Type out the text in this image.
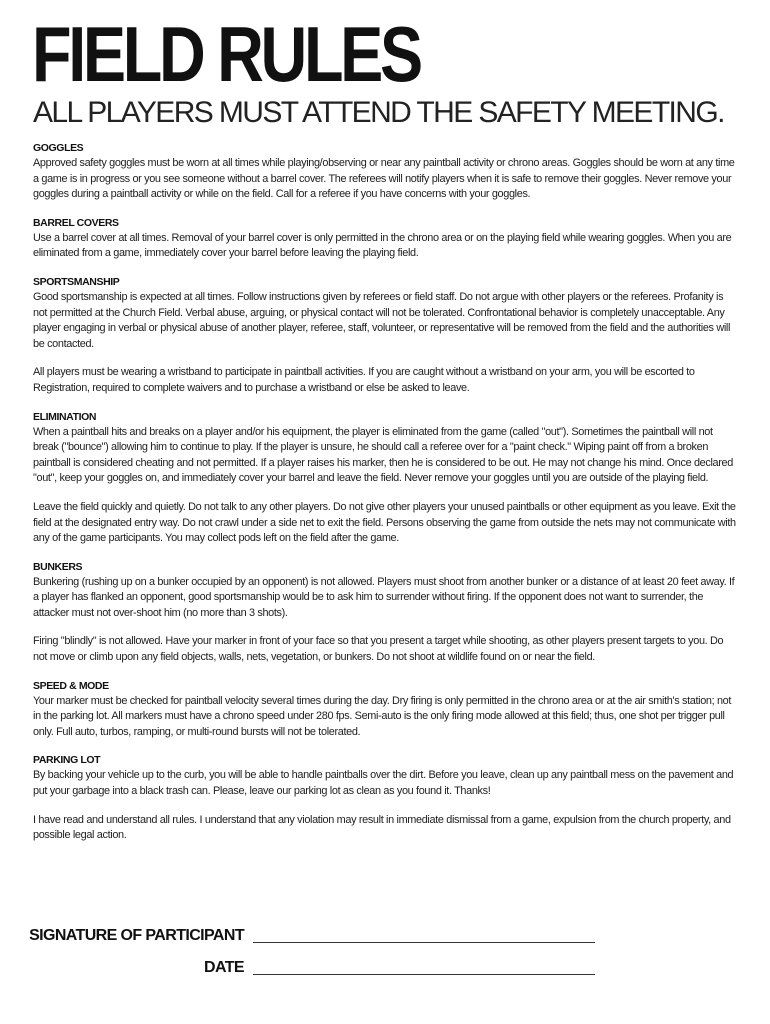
FIELD RULES
ALL PLAYERS MUST ATTEND THE SAFETY MEETING.
GOGGLES

Approved safety goggles must be worn at all times while playing/observing or near any paintball activity or chrono areas. Goggles should be worn at any time a game is in progress or you see someone without a barrel cover. The referees will notify players when it is safe to remove their goggles. Never remove your goggles during a paintball activity or while on the field. Call for a referee if you have concerns with your goggles.

BARREL COVERS

Use a barrel cover at all times. Removal of your barrel cover is only permitted in the chrono area or on the playing field while wearing goggles. When you are eliminated from a game, immediately cover your barrel before leaving the playing field.

SPORTSMANSHIP

Good sportsmanship is expected at all times. Follow instructions given by referees or field staff. Do not argue with other players or the referees. Profanity is not permitted at the Church Field. Verbal abuse, arguing, or physical contact will not be tolerated. Confrontational behavior is completely unacceptable. Any player engaging in verbal or physical abuse of another player, referee, staff, volunteer, or representative will be removed from the field and the authorities will be contacted.

All players must be wearing a wristband to participate in paintball activities. If you are caught without a wristband on your arm, you will be escorted to Registration, required to complete waivers and to purchase a wristband or else be asked to leave.

ELIMINATION

When a paintball hits and breaks on a player and/or his equipment, the player is eliminated from the game (called "out"). Sometimes the paintball will not break ("bounce") allowing him to continue to play. If the player is unsure, he should call a referee over for a "paint check." Wiping paint off from a broken paintball is considered cheating and not permitted. If a player raises his marker, then he is considered to be out. He may not change his mind. Once declared "out", keep your goggles on, and immediately cover your barrel and leave the field. Never remove your goggles until you are outside of the playing field.

Leave the field quickly and quietly. Do not talk to any other players. Do not give other players your unused paintballs or other equipment as you leave. Exit the field at the designated entry way. Do not crawl under a side net to exit the field. Persons observing the game from outside the nets may not communicate with any of the game participants. You may collect pods left on the field after the game.

BUNKERS

Bunkering (rushing up on a bunker occupied by an opponent) is not allowed. Players must shoot from another bunker or a distance of at least 20 feet away. If a player has flanked an opponent, good sportsmanship would be to ask him to surrender without firing. If the opponent does not want to surrender, the attacker must not over-shoot him (no more than 3 shots).

Firing "blindly" is not allowed. Have your marker in front of your face so that you present a target while shooting, as other players present targets to you. Do not move or climb upon any field objects, walls, nets, vegetation, or bunkers. Do not shoot at wildlife found on or near the field.

SPEED & MODE

Your marker must be checked for paintball velocity several times during the day. Dry firing is only permitted in the chrono area or at the air smith's station; not in the parking lot. All markers must have a chrono speed under 280 fps. Semi-auto is the only firing mode allowed at this field; thus, one shot per trigger pull only. Full auto, turbos, ramping, or multi-round bursts will not be tolerated.

PARKING LOT

By backing your vehicle up to the curb, you will be able to handle paintballs over the dirt. Before you leave, clean up any paintball mess on the pavement and put your garbage into a black trash can. Please, leave our parking lot as clean as you found it. Thanks!

I have read and understand all rules. I understand that any violation may result in immediate dismissal from a game, expulsion from the church property, and possible legal action.

SIGNATURE OF PARTICIPANT
DATE
